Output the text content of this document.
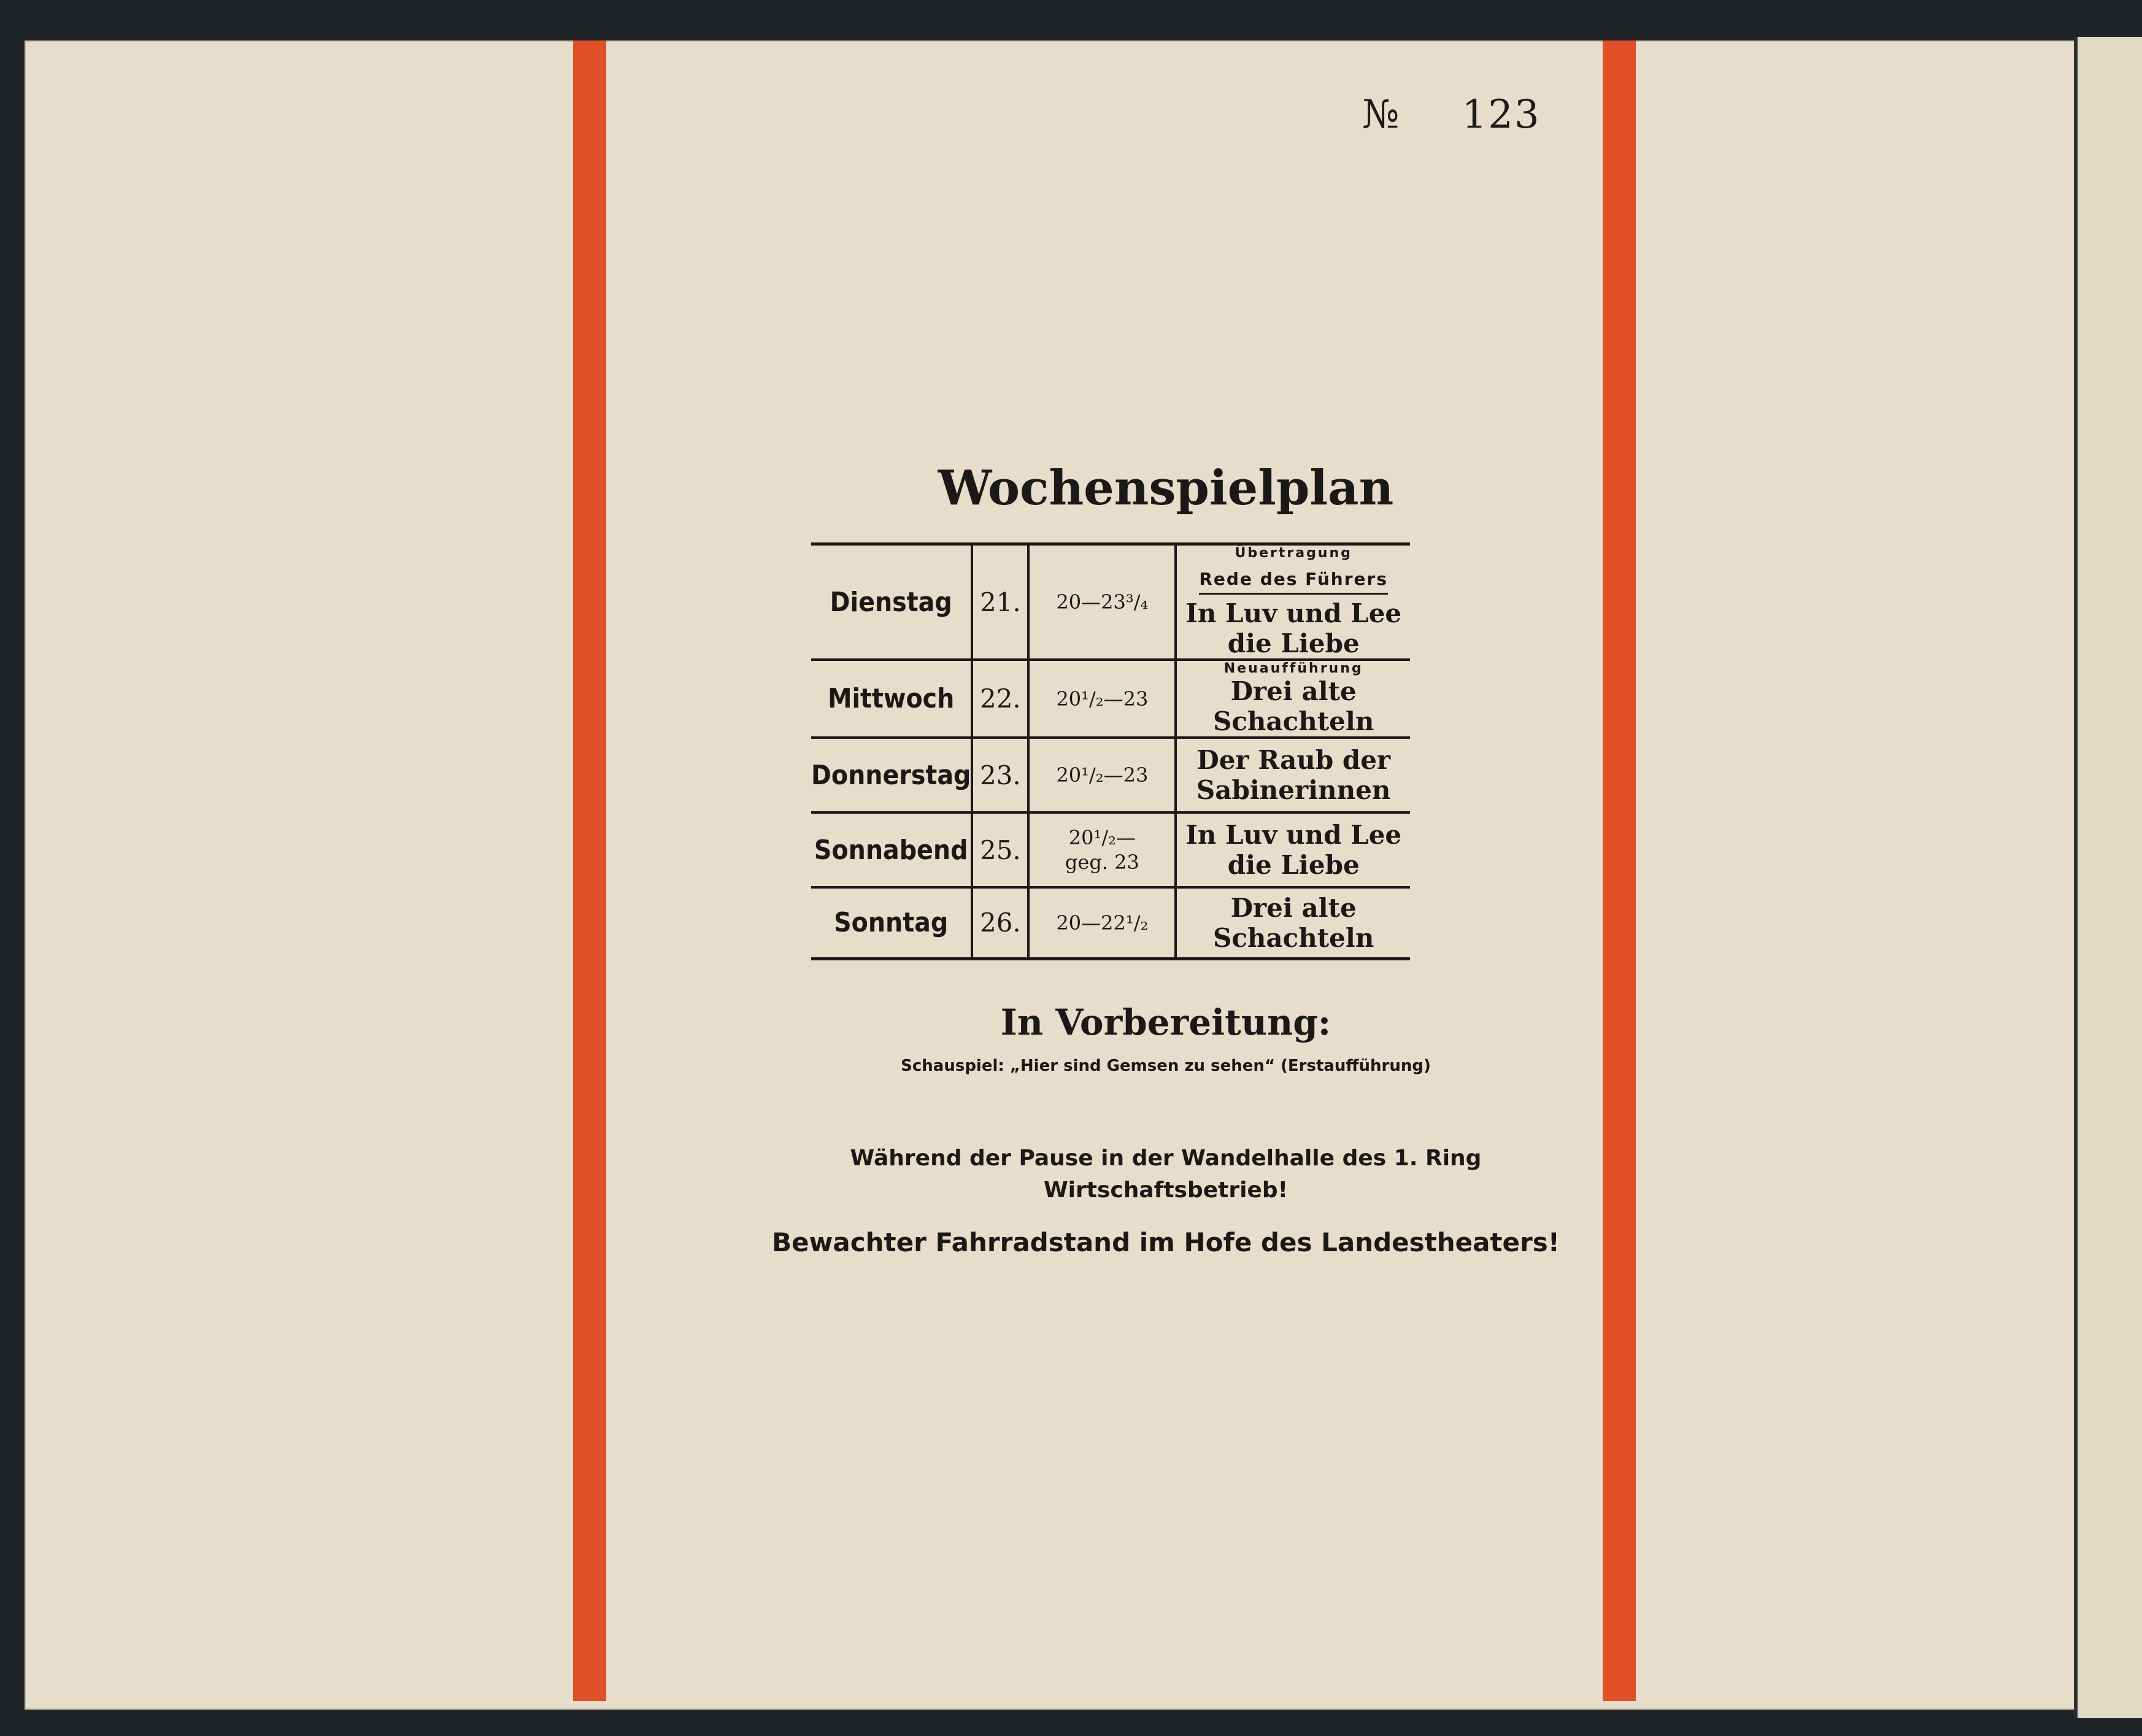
№ 123
Wochenspielplan
Dienstag	21.	20—23³/₄	Übertragung
Rede des Führers
In Luv und Lee die Liebe

Mittwoch	22.	20¹/₂—23	Neuaufführung
Drei alte Schachteln

Donnerstag	23.	20¹/₂—23	Der Raub der Sabinerinnen

Sonnabend	25.	20¹/₂— geg. 23	In Luv und Lee die Liebe

Sonntag	26.	20—22¹/₂	Drei alte Schachteln
In Vorbereitung:
Schauspiel: „Hier sind Gemsen zu sehen“ (Erstaufführung)
Während der Pause in der Wandelhalle des 1. Ring
Wirtschaftsbetrieb!
Bewachter Fahrradstand im Hofe des Landestheaters!
